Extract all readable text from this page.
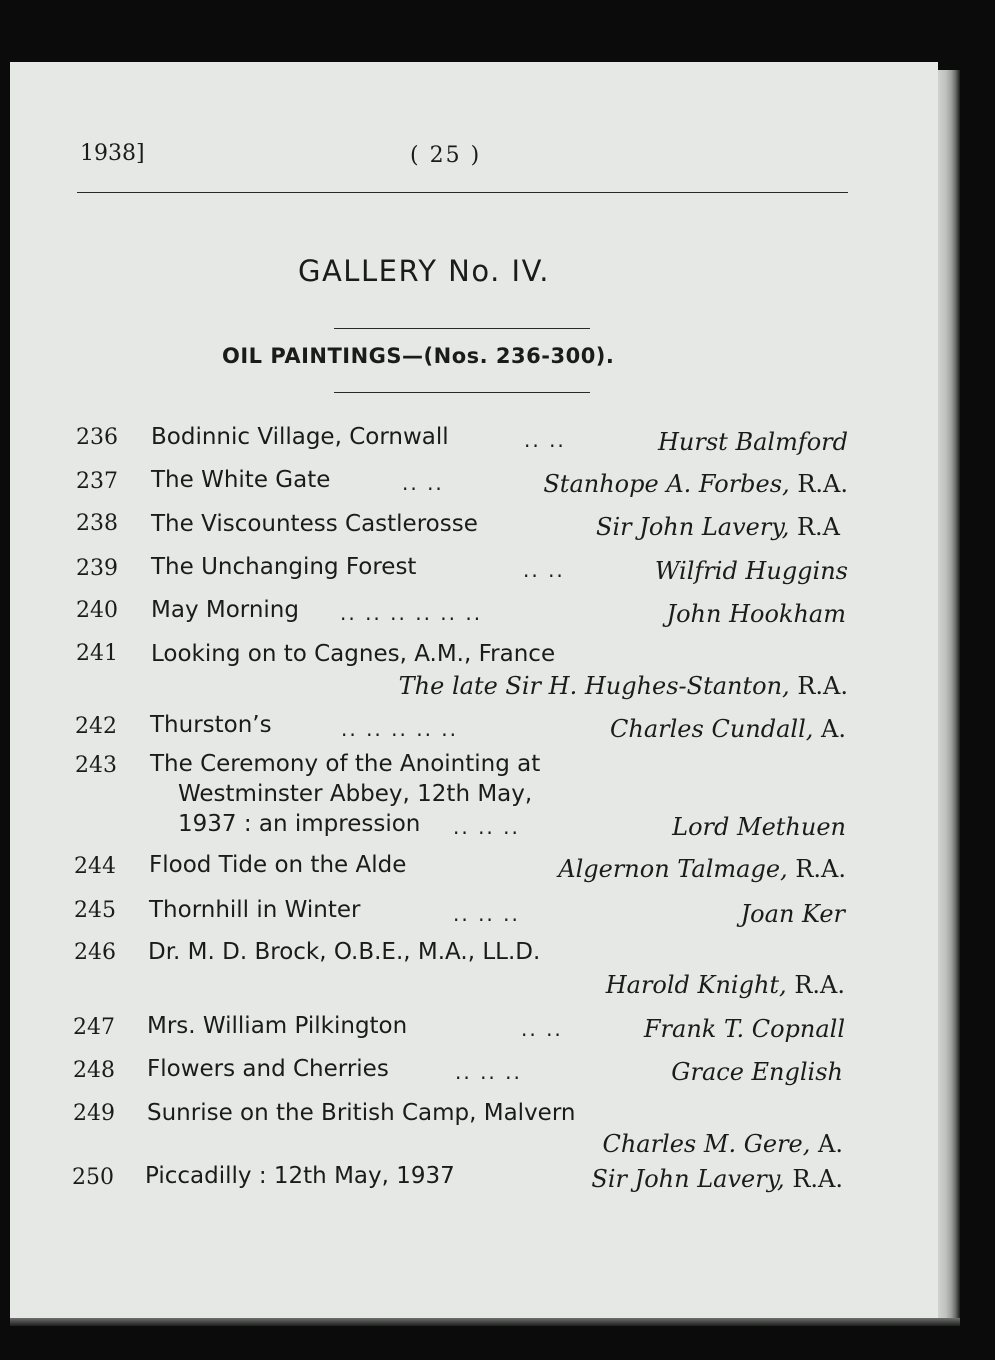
1938]	( 25 )
GALLERY No. IV.
OIL PAINTINGS—(Nos. 236-300).
236 Bodinnic Village, Cornwall	.. ..	Hurst Balmford
237 The White Gate	.. ..	Stanhope A. Forbes, R.A.
238 The Viscountess Castlerosse	Sir John Lavery, R.A
239 The Unchanging Forest	.. ..	Wilfrid Huggins
240 May Morning .. .. .. .. .. ..	John Hookham
241 Looking on to Cagnes, A.M., France
The late Sir H. Hughes-Stanton, R.A.
242 Thurston’s	.. .. .. .. ..	Charles Cundall, A.
243 The Ceremony of the Anointing at
Westminster Abbey, 12th May,
1937 : an impression .. .. ..	Lord Methuen
244 Flood Tide on the Alde	Algernon Talmage, R.A.
245 Thornhill in Winter	.. .. ..	Joan Ker
246 Dr. M. D. Brock, O.B.E., M.A., LL.D.
Harold Knight, R.A.
247 Mrs. William Pilkington	.. ..	Frank T. Copnall
248 Flowers and Cherries	.. .. ..	Grace English
249 Sunrise on the British Camp, Malvern
Charles M. Gere, A.
250 Piccadilly : 12th May, 1937	Sir John Lavery, R.A.
